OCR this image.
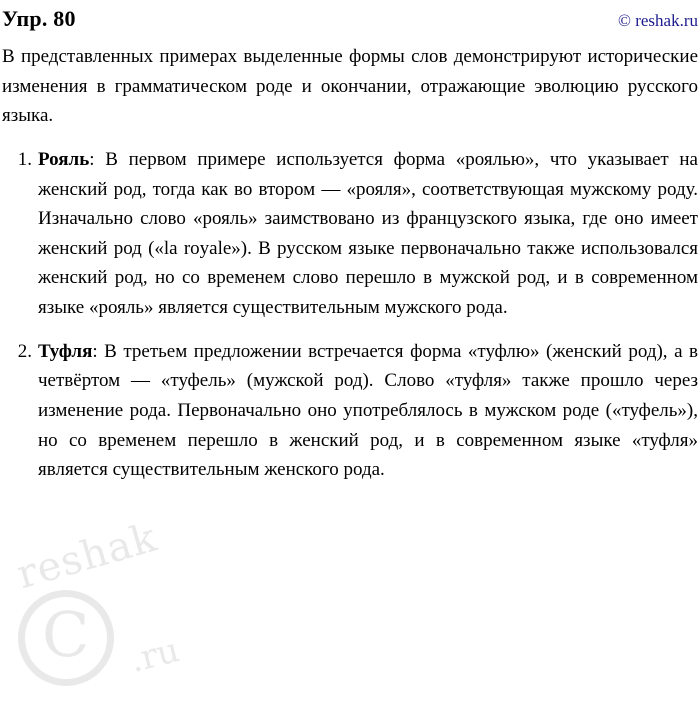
reshak
C .ru
Упр. 80	© reshak.ru

В представленных примерах выделенные формы слов демонстрируют исторические изменения в грамматическом роде и окончании, отражающие эволюцию русского языка.

1. Рояль: В первом примере используется форма «роялью», что указывает на женский род, тогда как во втором — «рояля», соответствующая мужскому роду. Изначально слово «рояль» заимствовано из французского языка, где оно имеет женский род («la royale»). В русском языке первоначально также использовался женский род, но со временем слово перешло в мужской род, и в современном языке «рояль» является существительным мужского рода.
2. Туфля: В третьем предложении встречается форма «туфлю» (женский род), а в четвёртом — «туфель» (мужской род). Слово «туфля» также прошло через изменение рода. Первоначально оно употреблялось в мужском роде («туфель»), но со временем перешло в женский род, и в современном языке «туфля» является существительным женского рода.
